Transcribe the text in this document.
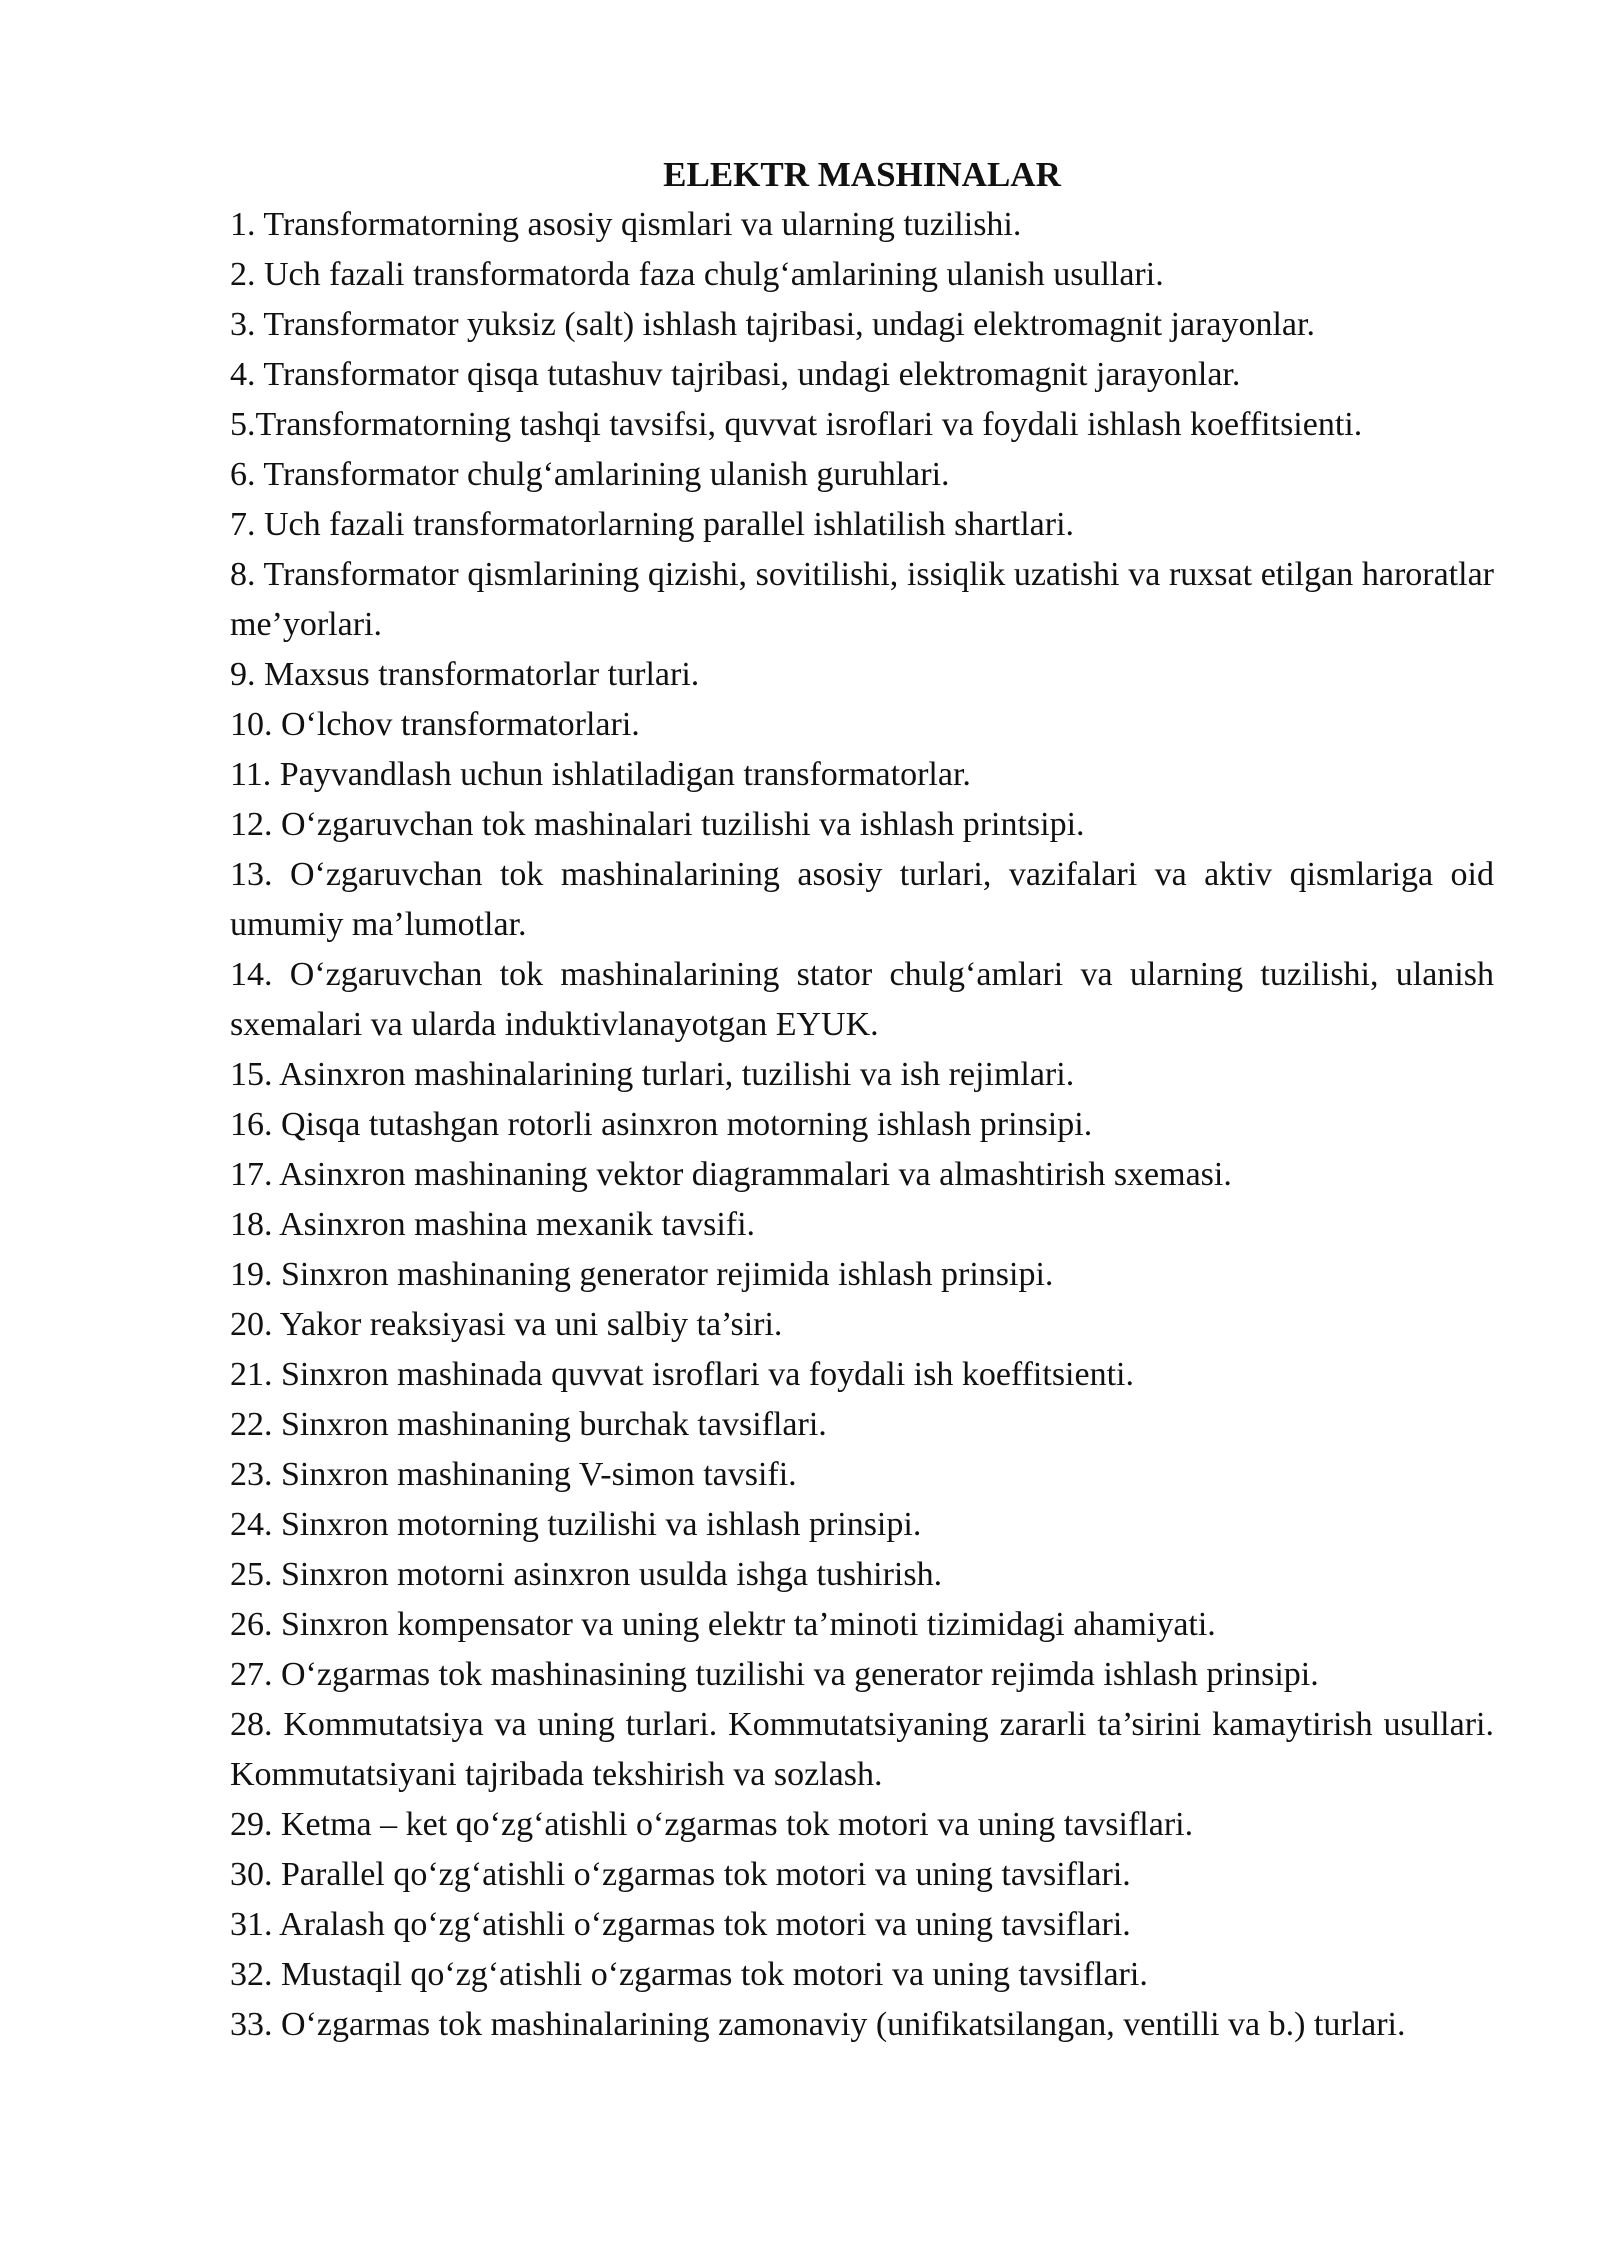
ELEKTR MASHINALAR
1. Transformatorning asosiy qismlari va ularning tuzilishi.
2. Uch fazali transformatorda faza chulg‘amlarining ulanish usullari.
3. Transformator yuksiz (salt) ishlash tajribasi, undagi elektromagnit jarayonlar.
4. Transformator qisqa tutashuv tajribasi, undagi elektromagnit jarayonlar.
5.Transformatorning tashqi tavsifsi, quvvat isroflari va foydali ishlash koeffitsienti.
6. Transformator chulg‘amlarining ulanish guruhlari.
7. Uch fazali transformatorlarning parallel ishlatilish shartlari.
8. Transformator qismlarining qizishi, sovitilishi, issiqlik uzatishi va ruxsat etilgan haroratlar me’yorlari.
9. Maxsus transformatorlar turlari.
10. O‘lchov transformatorlari.
11. Payvandlash uchun ishlatiladigan transformatorlar.
12. O‘zgaruvchan tok mashinalari tuzilishi va ishlash printsipi.
13. O‘zgaruvchan tok mashinalarining asosiy turlari, vazifalari va aktiv qismlariga oid umumiy ma’lumotlar.
14. O‘zgaruvchan tok mashinalarining stator chulg‘amlari va ularning tuzilishi, ulanish sxemalari va ularda induktivlanayotgan EYUK.
15. Asinxron mashinalarining turlari, tuzilishi va ish rejimlari.
16. Qisqa tutashgan rotorli asinxron motorning ishlash prinsipi.
17. Asinxron mashinaning vektor diagrammalari va almashtirish sxemasi.
18. Asinxron mashina mexanik tavsifi.
19. Sinxron mashinaning generator rejimida ishlash prinsipi.
20. Yakor reaksiyasi va uni salbiy ta’siri.
21. Sinxron mashinada quvvat isroflari va foydali ish koeffitsienti.
22. Sinxron mashinaning burchak tavsiflari.
23. Sinxron mashinaning V-simon tavsifi.
24. Sinxron motorning tuzilishi va ishlash prinsipi.
25. Sinxron motorni asinxron usulda ishga tushirish.
26. Sinxron kompensator va uning elektr ta’minoti tizimidagi ahamiyati.
27. O‘zgarmas tok mashinasining tuzilishi va generator rejimda ishlash prinsipi.
28. Kommutatsiya va uning turlari. Kommutatsiyaning zararli ta’sirini kamaytirish usullari. Kommutatsiyani tajribada tekshirish va sozlash.
29. Ketma – ket qo‘zg‘atishli o‘zgarmas tok motori va uning tavsiflari.
30. Parallel qo‘zg‘atishli o‘zgarmas tok motori va uning tavsiflari.
31. Aralash qo‘zg‘atishli o‘zgarmas tok motori va uning tavsiflari.
32. Mustaqil qo‘zg‘atishli o‘zgarmas tok motori va uning tavsiflari.
33. O‘zgarmas tok mashinalarining zamonaviy (unifikatsilangan, ventilli va b.) turlari.
